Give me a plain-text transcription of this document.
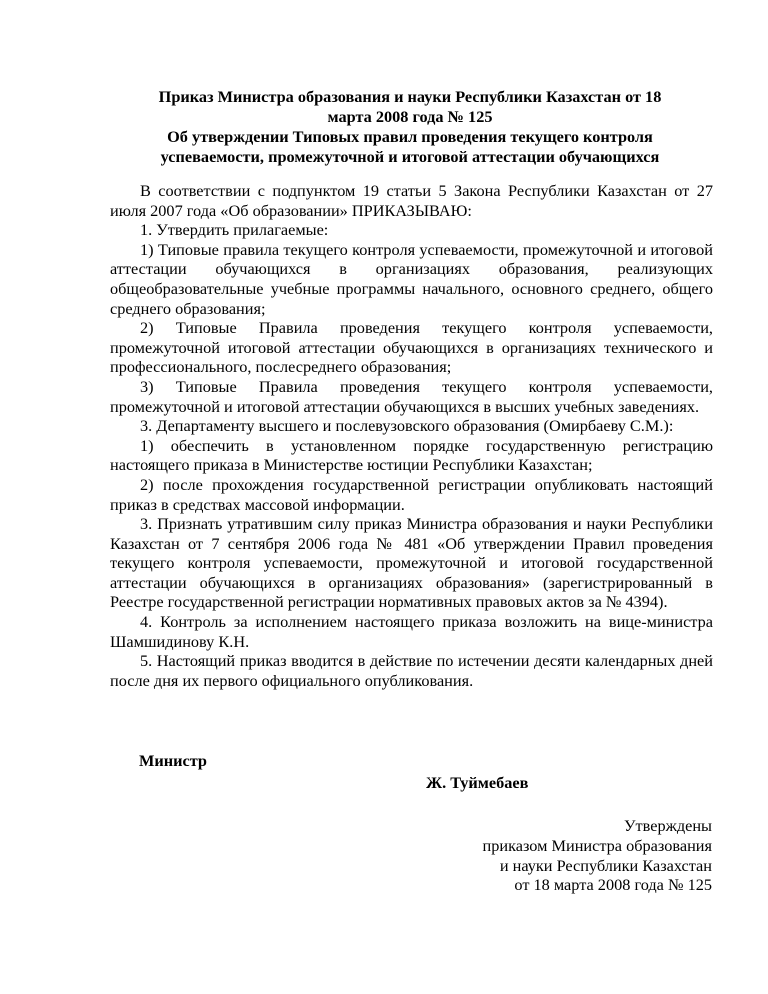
Приказ Министра образования и науки Республики Казахстан от 18
марта 2008 года № 125
Об утверждении Типовых правил проведения текущего контроля
успеваемости, промежуточной и итоговой аттестации обучающихся

В соответствии с подпунктом 19 статьи 5 Закона Республики Казахстан от 27 июля 2007 года «Об образовании» ПРИКАЗЫВАЮ:

1. Утвердить прилагаемые:

1) Типовые правила текущего контроля успеваемости, промежуточной и итоговой аттестации обучающихся в организациях образования, реализующих общеобразовательные учебные программы начального, основного среднего, общего среднего образования;

2) Типовые Правила проведения текущего контроля успеваемости, промежуточной итоговой аттестации обучающихся в организациях технического и профессионального, послесреднего образования;

3) Типовые Правила проведения текущего контроля успеваемости, промежуточной и итоговой аттестации обучающихся в высших учебных заведениях.

3. Департаменту высшего и послевузовского образования (Омирбаеву С.М.):

1) обеспечить в установленном порядке государственную регистрацию настоящего приказа в Министерстве юстиции Республики Казахстан;

2) после прохождения государственной регистрации опубликовать настоящий приказ в средствах массовой информации.

3. Признать утратившим силу приказ Министра образования и науки Республики Казахстан от 7 сентября 2006 года № 481 «Об утверждении Правил проведения текущего контроля успеваемости, промежуточной и итоговой государственной аттестации обучающихся в организациях образования» (зарегистрированный в Реестре государственной регистрации нормативных правовых актов за № 4394).

4. Контроль за исполнением настоящего приказа возложить на вице-министра Шамшидинову К.Н.

5. Настоящий приказ вводится в действие по истечении десяти календарных дней после дня их первого официального опубликования.

Министр
Ж. Туймебаев
Утверждены
приказом Министра образования
и науки Республики Казахстан
от 18 марта 2008 года № 125
